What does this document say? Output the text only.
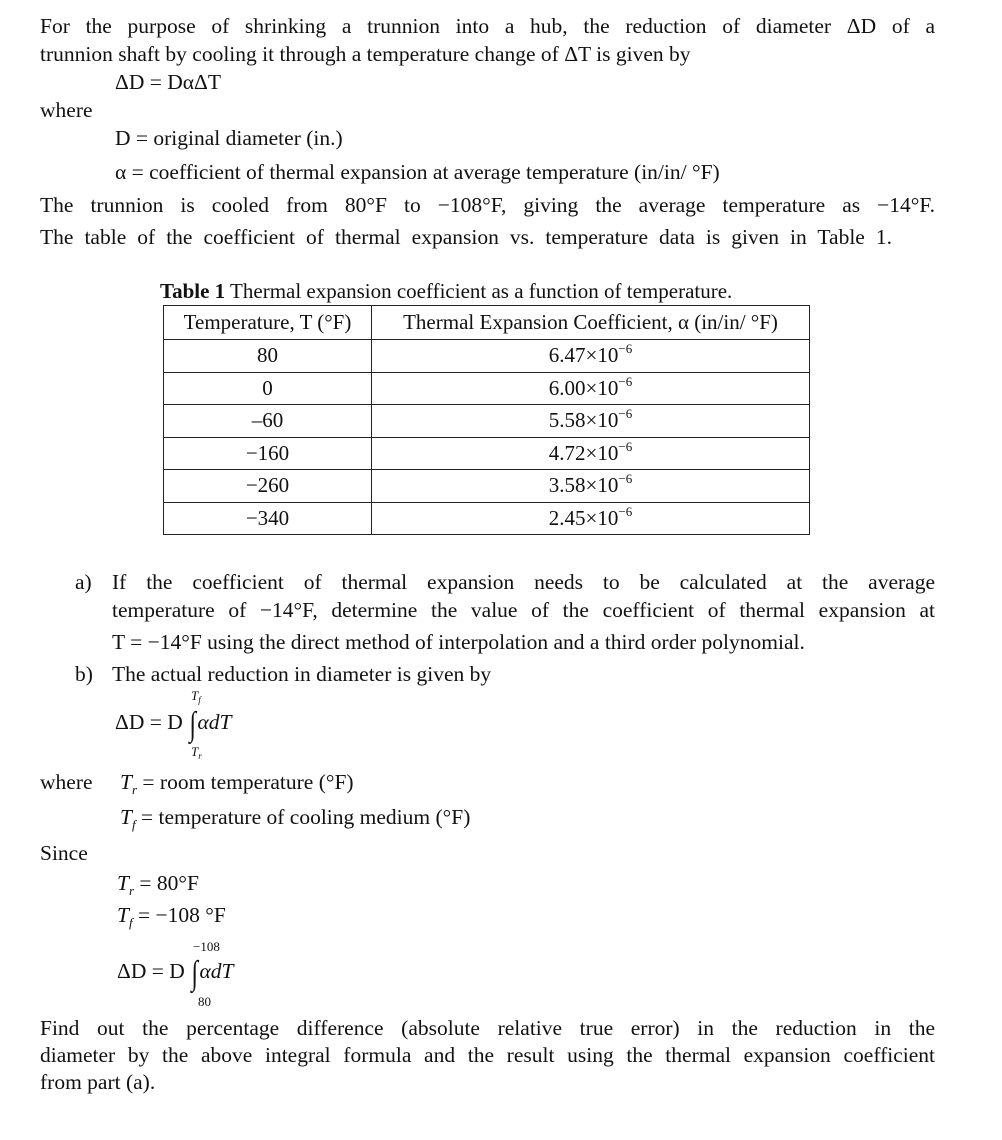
For the purpose of shrinking a trunnion into a hub, the reduction of diameter ΔD of a
trunnion shaft by cooling it through a temperature change of ΔT is given by
ΔD = DαΔT
where
D = original diameter (in.)
α = coefficient of thermal expansion at average temperature (in/in/ °F)
The trunnion is cooled from 80°F to −108°F, giving the average temperature as −14°F.
The table of the coefficient of thermal expansion vs. temperature data is given in Table 1.
Table 1 Thermal expansion coefficient as a function of temperature.
Temperature, T (°F)	Thermal Expansion Coefficient, α (in/in/ °F)
80	$6.47\times 10^{-6}$
0	$6.00\times 10^{-6}$
–60	$5.58\times 10^{-6}$
−160	$4.72\times 10^{-6}$
−260	$3.58\times 10^{-6}$
−340	$2.45\times 10^{-6}$
a) If the coefficient of thermal expansion needs to be calculated at the average
temperature of −14°F, determine the value of the coefficient of thermal expansion at
T = −14°F using the direct method of interpolation and a third order polynomial.
b) The actual reduction in diameter is given by
ΔD = D ∫αdT
$T_f$
$T_r$
where $T_r$ = room temperature (°F)
$T_f$ = temperature of cooling medium (°F)
Since
$T_r = 80^\circ F$
$T_f = -108$ °F
ΔD = D ∫αdT
−108
80
Find out the percentage difference (absolute relative true error) in the reduction in the
diameter by the above integral formula and the result using the thermal expansion coefficient
from part (a).
